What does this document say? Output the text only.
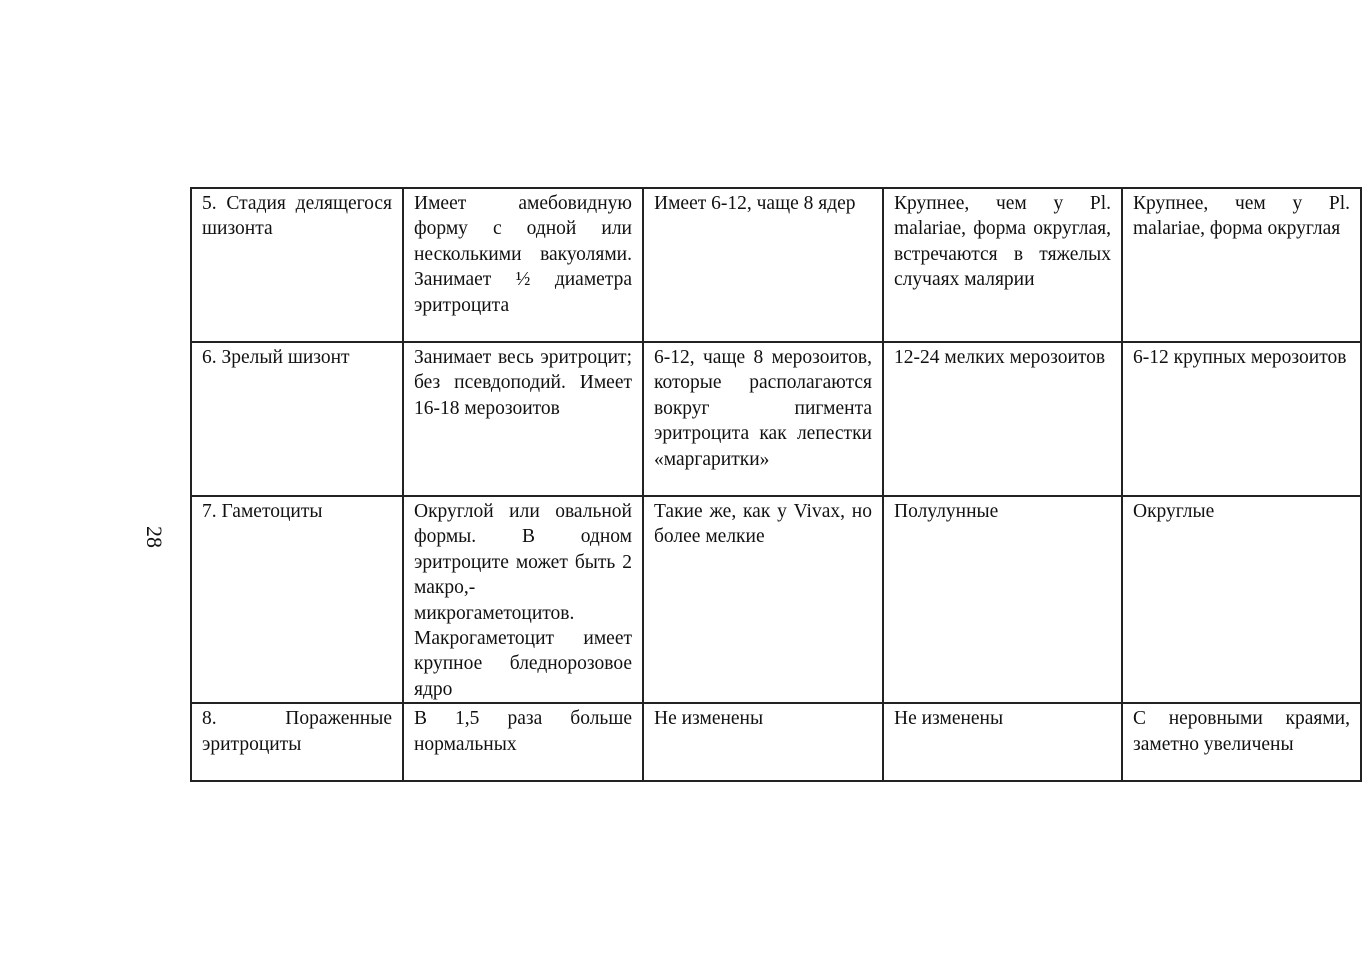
28
5. Стадия делящегося шизонта	Имеет амебовидную форму с одной или несколькими вакуолями. Занимает ½ диаметра эритроцита	Имеет 6-12, чаще 8 ядер	Крупнее, чем у Pl. malariae, форма округлая, встречаются в тяжелых случаях малярии	Крупнее, чем у Pl. malariae, форма округлая
6. Зрелый шизонт	Занимает весь эритроцит; без псевдоподий. Имеет 16-18 мерозоитов	6-12, чаще 8 мерозоитов, которые располагаются вокруг пигмента эритроцита как лепестки «маргаритки»	12-24 мелких мерозоитов	6-12 крупных мерозоитов
7. Гаметоциты	Округлой или овальной формы. В одном эритроците может быть 2 макро,- микрогаметоцитов. Макрогаметоцит имеет крупное бледнорозовое ядро	Такие же, как у Vivax, но более мелкие	Полулунные	Округлые
8. Пораженные эритроциты	В 1,5 раза больше нормальных	Не изменены	Не изменены	С неровными краями, заметно увеличены
